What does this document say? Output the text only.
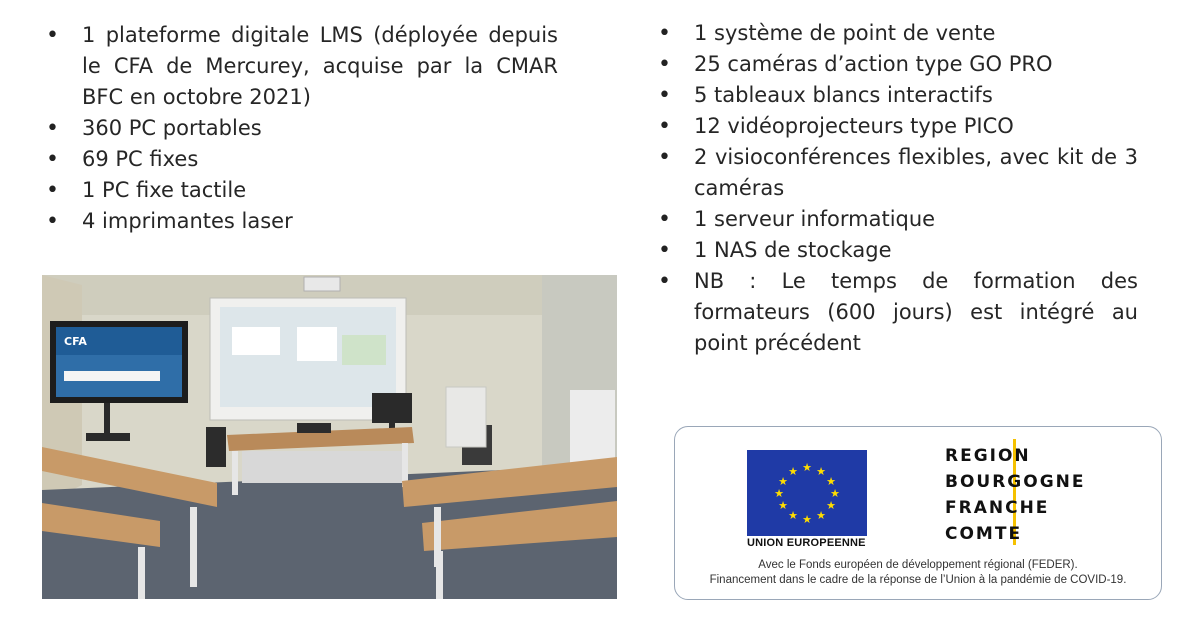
• 1 plateforme digitale LMS (déployée depuis le CFA de Mercurey, acquise par la CMAR BFC en octobre 2021)
• 360 PC portables
• 69 PC fixes
• 1 PC fixe tactile
• 4 imprimantes laser
• 1 système de point de vente
• 25 caméras d’action type GO PRO
• 5 tableaux blancs interactifs
• 12 vidéoprojecteurs type PICO
• 2 visioconférences flexibles, avec kit de 3 caméras
• 1 serveur informatique
• 1 NAS de stockage
• NB : Le temps de formation des formateurs (600 jours) est intégré au point précédent
CFA
★ ★
★
★
★
★
★
★
★
★
★
★
UNION EUROPEENNE
REGION
BOURGOGNE
FRANCHE
COMTE
Avec le Fonds européen de développement régional (FEDER).
Financement dans le cadre de la réponse de l’Union à la pandémie de COVID-19.
